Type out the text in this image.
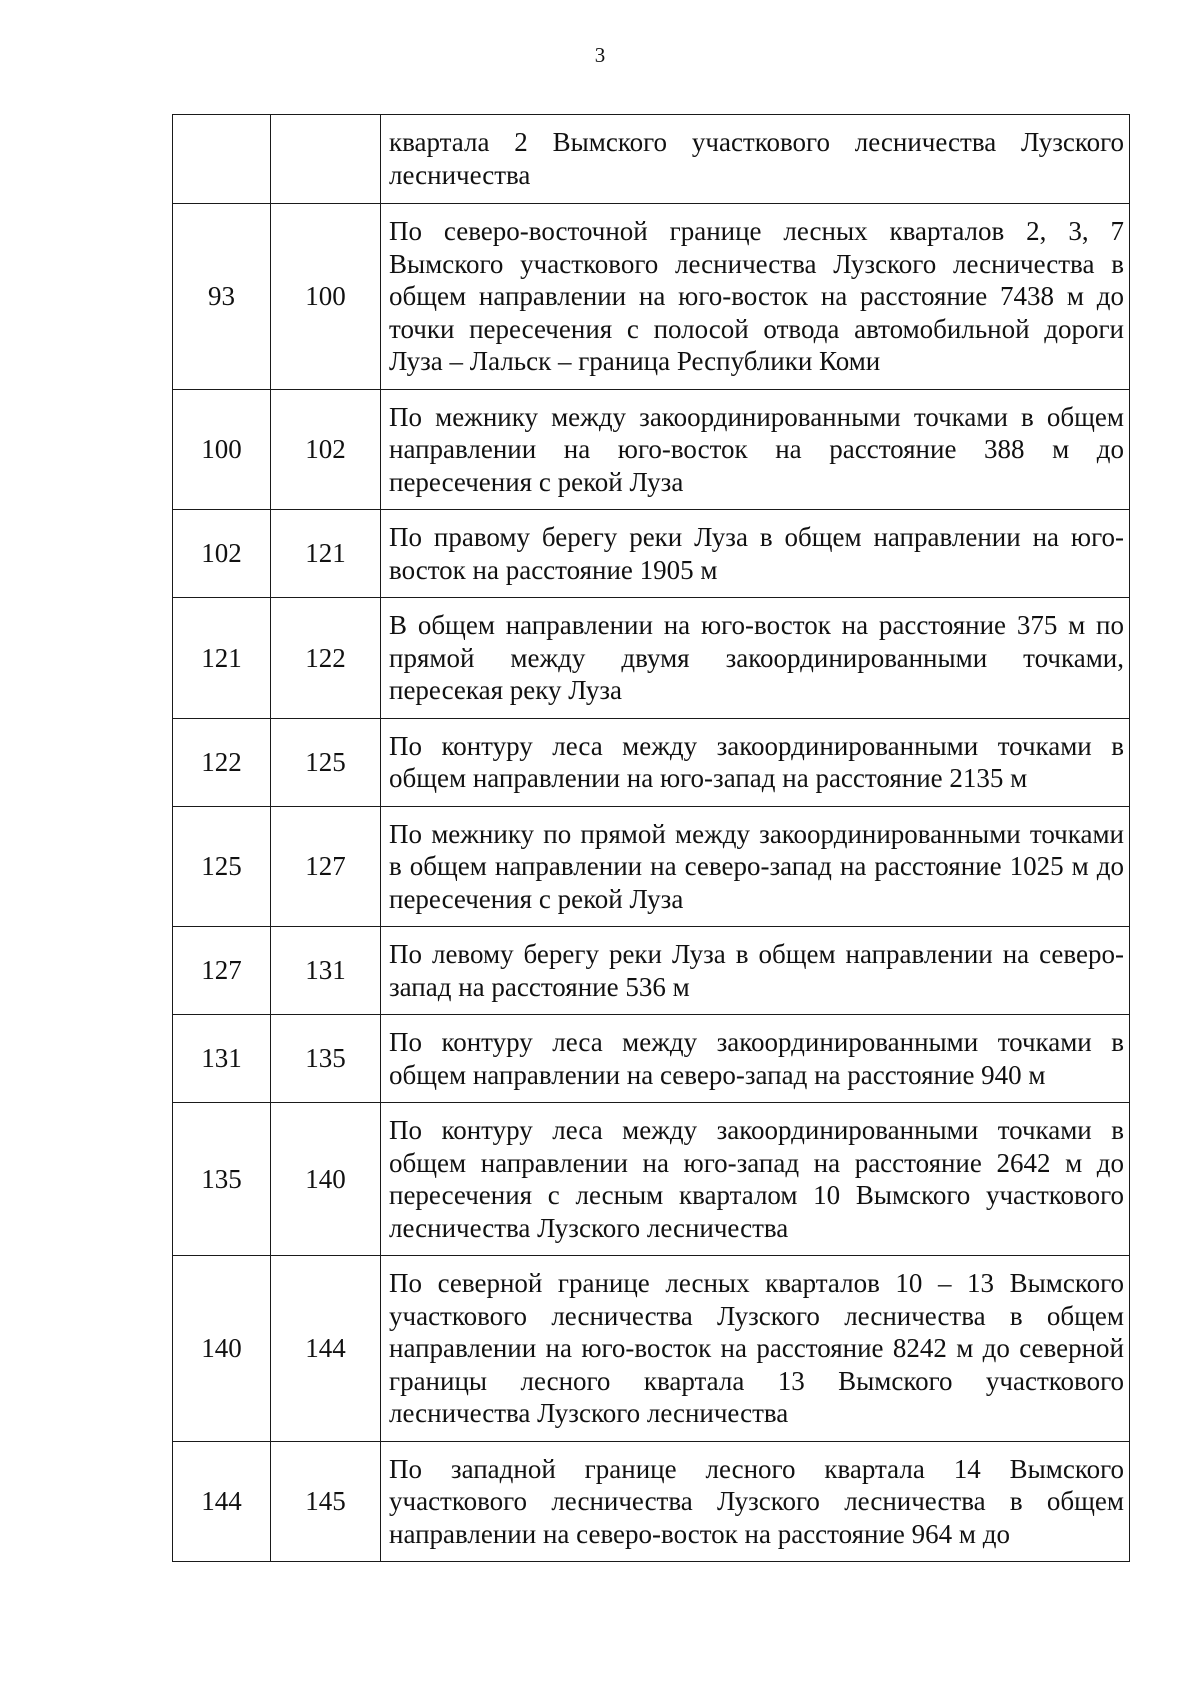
3
		квартала 2 Вымского участкового лесничества Лузского лесничества
93	100	По северо-восточной границе лесных кварталов 2, 3, 7 Вымского участкового лесничества Лузского лесничества в общем направлении на юго-восток на расстояние 7438 м до точки пересечения с полосой отвода автомобильной дороги Луза – Лальск – граница Республики Коми
100	102	По межнику между закоординированными точками в общем направлении на юго-восток на расстояние 388 м до пересечения с рекой Луза
102	121	По правому берегу реки Луза в общем направлении на юго-восток на расстояние 1905 м
121	122	В общем направлении на юго-восток на расстояние 375 м по прямой между двумя закоординированными точками, пересекая реку Луза
122	125	По контуру леса между закоординированными точками в общем направлении на юго-запад на расстояние 2135 м
125	127	По межнику по прямой между закоординированными точками в общем направлении на северо-запад на расстояние 1025 м до пересечения с рекой Луза
127	131	По левому берегу реки Луза в общем направлении на северо-запад на расстояние 536 м
131	135	По контуру леса между закоординированными точками в общем направлении на северо-запад на расстояние 940 м
135	140	По контуру леса между закоординированными точками в общем направлении на юго-запад на расстояние 2642 м до пересечения с лесным кварталом 10 Вымского участкового лесничества Лузского лесничества
140	144	По северной границе лесных кварталов 10 – 13 Вымского участкового лесничества Лузского лесничества в общем направлении на юго-восток на расстояние 8242 м до северной границы лесного квартала 13 Вымского участкового лесничества Лузского лесничества
144	145	По западной границе лесного квартала 14 Вымского участкового лесничества Лузского лесничества в общем направлении на северо-восток на расстояние 964 м до
